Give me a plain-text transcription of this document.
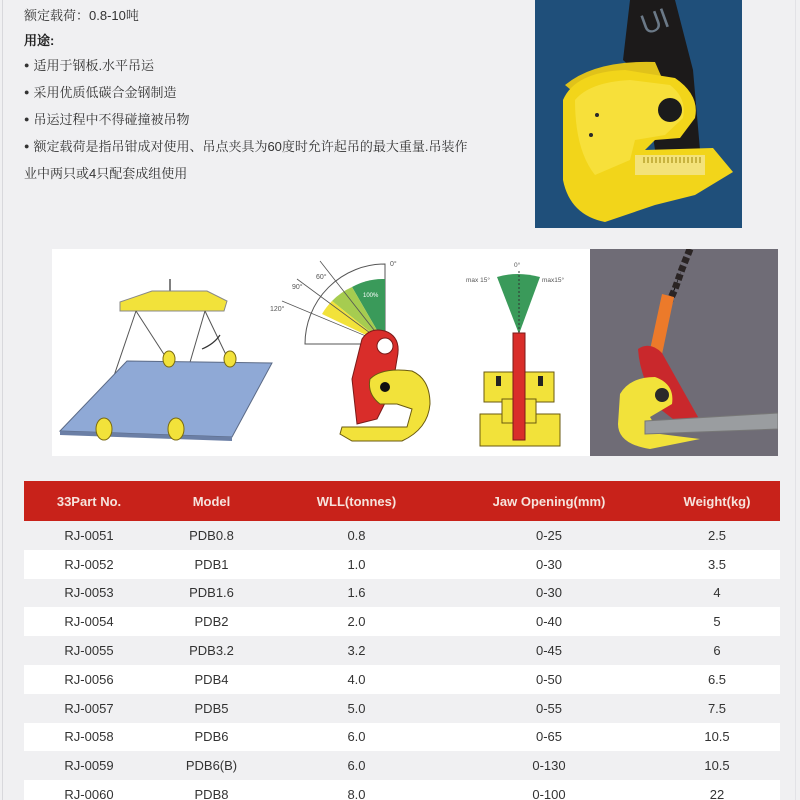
额定载荷：0.8-10吨
用途:
● 适用于钢板.水平吊运
● 采用优质低碳合金钢制造
● 吊运过程中不得碰撞被吊物
● 额定载荷是指吊钳成对使用、吊点夹具为60度时允许起吊的最大重量.吊装作
业中两只或4只配套成组使用
UI
0°
60°
90°
120°
100%
0°
max 15°	max15°
33Part No.	Model	WLL(tonnes)	Jaw Opening(mm)	Weight(kg)
RJ-0051	PDB0.8	0.8	0-25	2.5
RJ-0052	PDB1	1.0	0-30	3.5
RJ-0053	PDB1.6	1.6	0-30	4
RJ-0054	PDB2	2.0	0-40	5
RJ-0055	PDB3.2	3.2	0-45	6
RJ-0056	PDB4	4.0	0-50	6.5
RJ-0057	PDB5	5.0	0-55	7.5
RJ-0058	PDB6	6.0	0-65	10.5
RJ-0059	PDB6(B)	6.0	0-130	10.5
RJ-0060	PDB8	8.0	0-100	22
